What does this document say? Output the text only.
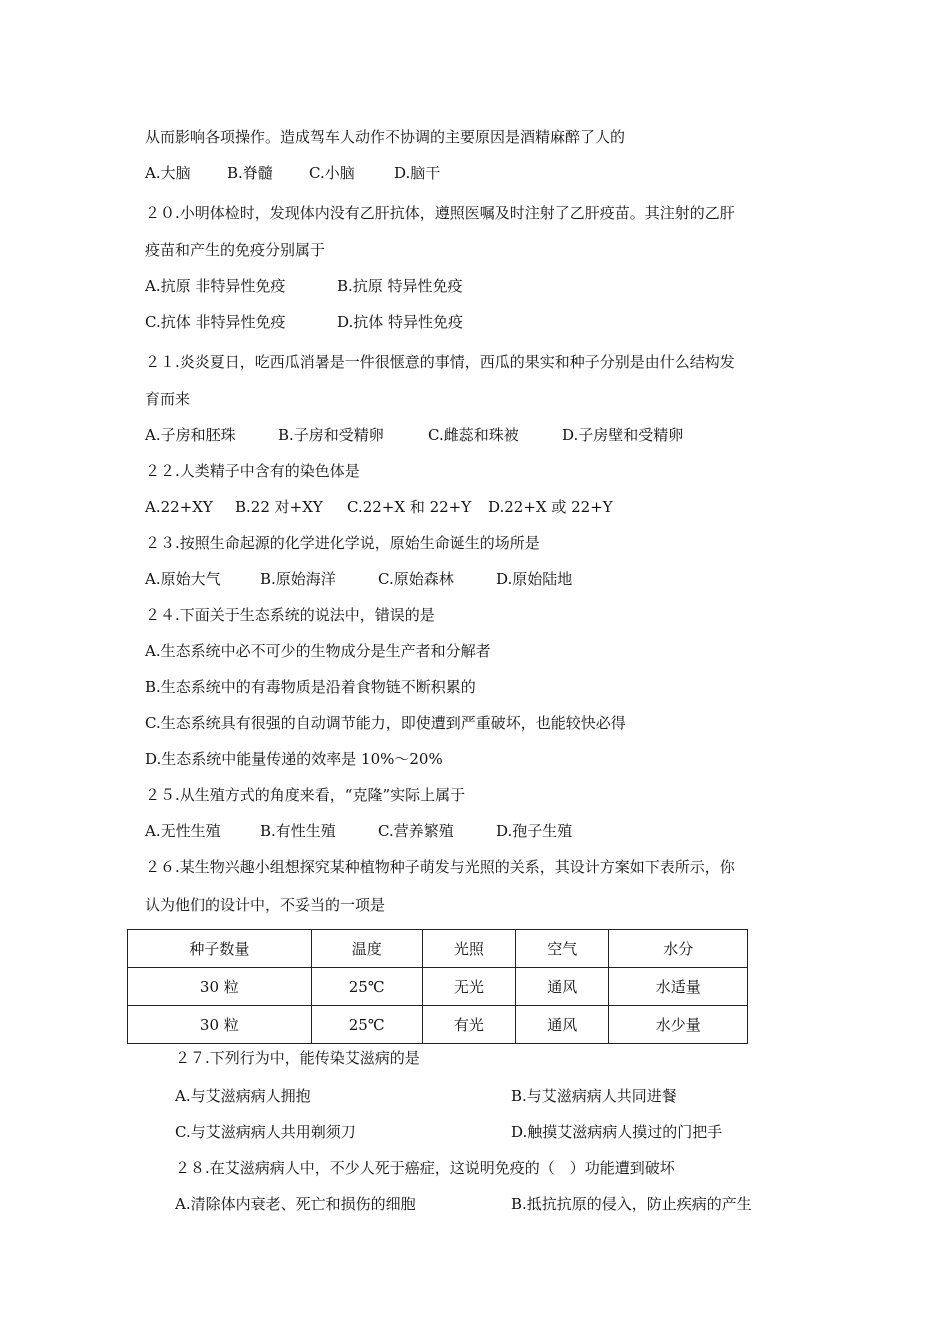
从而影响各项操作。造成驾车人动作不协调的主要原因是酒精麻醉了人的
A.大脑 B.脊髓 C.小脑	D.脑干
２０.小明体检时，发现体内没有乙肝抗体，遵照医嘱及时注射了乙肝疫苗。其注射的乙肝
疫苗和产生的免疫分别属于
A.抗原 非特异性免疫	B.抗原 特异性免疫
C.抗体 非特异性免疫	D.抗体 特异性免疫
２１.炎炎夏日，吃西瓜消暑是一件很惬意的事情，西瓜的果实和种子分别是由什么结构发
育而来
A.子房和胚珠	B.子房和受精卵	C.雌蕊和珠被	D.子房壁和受精卵
２２.人类精子中含有的染色体是
A.22+XY B.22 对+XY C.22+X 和 22+Y D.22+X 或 22+Y
２３.按照生命起源的化学进化学说，原始生命诞生的场所是
A.原始大气	B.原始海洋	C.原始森林	D.原始陆地
２４.下面关于生态系统的说法中，错误的是
A.生态系统中必不可少的生物成分是生产者和分解者
B.生态系统中的有毒物质是沿着食物链不断积累的
C.生态系统具有很强的自动调节能力，即使遭到严重破坏，也能较快必得
D.生态系统中能量传递的效率是 10%～20%
２５.从生殖方式的角度来看，“克隆”实际上属于
A.无性生殖	B.有性生殖	C.营养繁殖	D.孢子生殖
２６.某生物兴趣小组想探究某种植物种子萌发与光照的关系，其设计方案如下表所示，你
认为他们的设计中，不妥当的一项是
种子数量	温度	光照	空气	水分
30 粒	25℃	无光	通风	水适量
30 粒	25℃	有光	通风	水少量
２７.下列行为中，能传染艾滋病的是
A.与艾滋病病人拥抱	B.与艾滋病病人共同进餐
C.与艾滋病病人共用剃须刀	D.触摸艾滋病病人摸过的门把手
２８.在艾滋病病人中，不少人死于癌症，这说明免疫的（　）功能遭到破坏
A.清除体内衰老、死亡和损伤的细胞	B.抵抗抗原的侵入，防止疾病的产生
